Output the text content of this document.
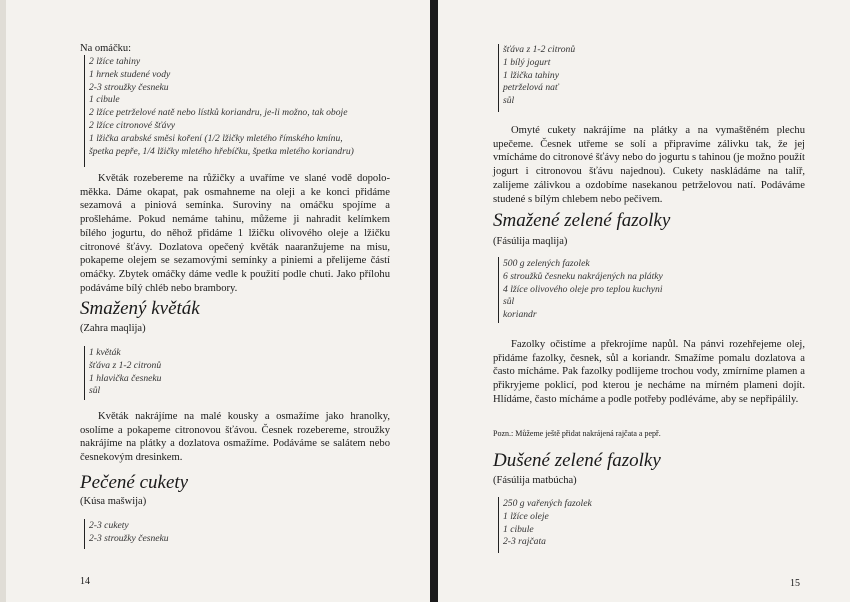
Na omáčku:
2 lžíce tahiny
1 hrnek studené vody
2-3 stroužky česneku
1 cibule
2 lžíce petrželové natě nebo lístků koriandru, je-li možno, tak oboje
2 lžíce citronové šťávy
1 lžička arabské směsi koření (1/2 lžičky mletého římského kmínu,
špetka pepře, 1/4 lžičky mletého hřebíčku, špetka mletého koriandru)

Květák rozebereme na růžičky a uvaříme ve slané vodě dopolo-měkka. Dáme okapat, pak osmahneme na oleji a ke konci přidáme sezamová a piniová semínka. Suroviny na omáčku spojíme a prošleháme. Pokud nemáme tahinu, můžeme ji nahradit kelímkem bílého jogurtu, do něhož přidáme 1 lžičku olivového oleje a lžičku citronové šťávy. Dozlatova opečený květák naaranžujeme na misu, pokapeme olejem se sezamovými semínky a piniemi a přelijeme částí omáčky. Zbytek omáčky dáme vedle k použití podle chuti. Jako přílohu podáváme bílý chléb nebo brambory.

Smažený květák
(Zahra maqlija)
1 květák
šťáva z 1-2 citronů
1 hlavička česneku
sůl

Květák nakrájíme na malé kousky a osmažíme jako hranolky, osolíme a pokapeme citronovou šťávou. Česnek rozebereme, stroužky nakrájíme na plátky a dozlatova osmažíme. Podáváme se salátem nebo česnekovým dresinkem.

Pečené cukety
(Kúsa mašwija)
2-3 cukety
2-3 stroužky česneku
14
šťáva z 1-2 citronů
1 bílý jogurt
1 lžička tahiny
petrželová nať
sůl

Omyté cukety nakrájíme na plátky a na vymaštěném plechu upečeme. Česnek utřeme se solí a připravíme zálivku tak, že jej vmícháme do citronové šťávy nebo do jogurtu s tahinou (je možno použít jogurt i citronovou šťávu najednou). Cukety naskládáme na talíř, zalijeme zálivkou a ozdobíme nasekanou petrželovou natí. Podáváme studené s bílým chlebem nebo pečivem.

Smažené zelené fazolky
(Fásúlija maqlija)
500 g zelených fazolek
6 stroužků česneku nakrájených na plátky
4 lžíce olivového oleje pro teplou kuchyni
sůl
koriandr

Fazolky očistíme a překrojíme napůl. Na pánvi rozehřejeme olej, přidáme fazolky, česnek, sůl a koriandr. Smažíme pomalu dozlatova a často mícháme. Pak fazolky podlijeme trochou vody, zmírníme plamen a přikryjeme poklicí, pod kterou je necháme na mírném plameni dojít. Hlídáme, často mícháme a podle potřeby podléváme, aby se nepřipálily.

Pozn.: Můžeme ještě přidat nakrájená rajčata a pepř.
Dušené zelené fazolky
(Fásúlija matbúcha)
250 g vařených fazolek
1 lžíce oleje
1 cibule
2-3 rajčata
15
